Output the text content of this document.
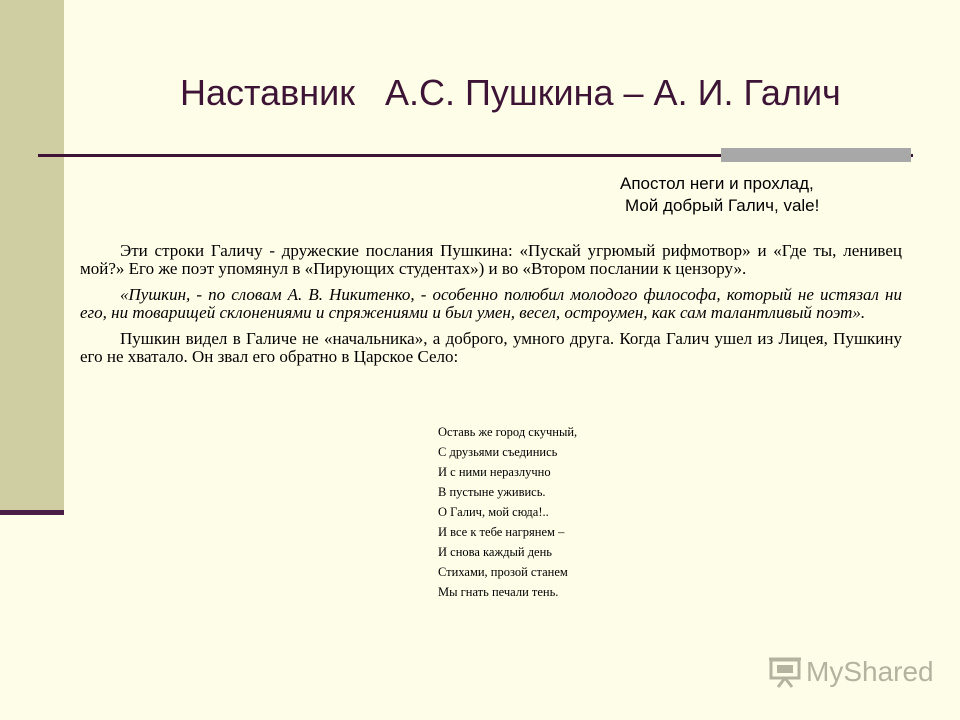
Наставник   А.С. Пушкина – А. И. Галич
Апостол неги и прохлад,
Мой добрый Галич, vale!

Эти строки Галичу - дружеские послания Пушкина: «Пускай угрюмый рифмотвор» и «Где ты, ленивец мой?» Его же поэт упомянул в «Пирующих студентах») и во «Втором послании к цензору».

«Пушкин, - по словам А. В. Никитенко, - особенно полюбил молодого философа, который не истязал ни его, ни товарищей склонениями и спряжениями и был умен, весел, остроумен, как сам талантливый поэт».

Пушкин видел в Галиче не «начальника», а доброго, умного друга. Когда Галич ушел из Лицея, Пушкину его не хватало. Он звал его обратно в Царское Село:

Оставь же город скучный,
С друзьями съединись
И с ними неразлучно
В пустыне уживись.
О Галич, мой сюда!..
И все к тебе нагрянем –
И снова каждый день
Стихами, прозой станем
Мы гнать печали тень.
MyShared
